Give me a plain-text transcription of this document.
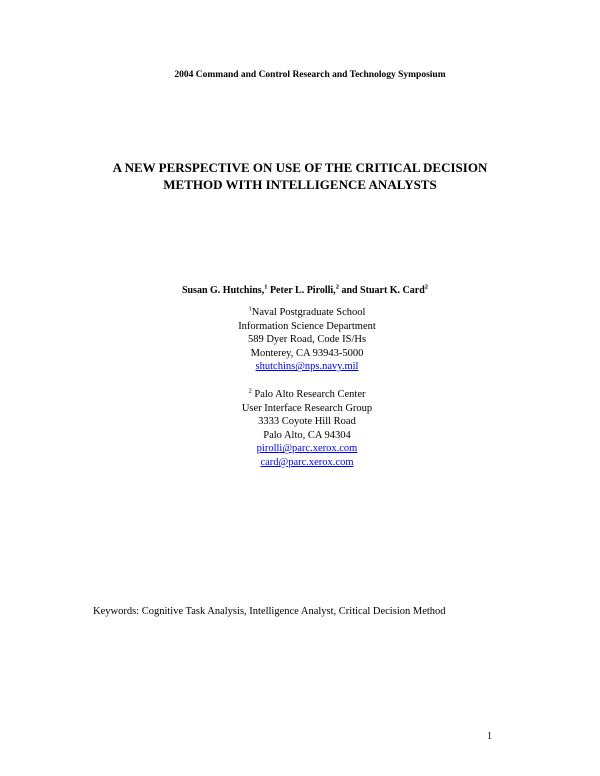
2004 Command and Control Research and Technology Symposium
A NEW PERSPECTIVE ON USE OF THE CRITICAL DECISION
METHOD WITH INTELLIGENCE ANALYSTS
Susan G. Hutchins,$^1$ Peter L. Pirolli,$^2$ and Stuart K. Card$^2$
$^1$Naval Postgraduate School
Information Science Department
589 Dyer Road, Code IS/Hs
Monterey, CA 93943-5000
shutchins@nps.navy.mil
$^2$ Palo Alto Research Center
User Interface Research Group
3333 Coyote Hill Road
Palo Alto, CA 94304
pirolli@parc.xerox.com
card@parc.xerox.com
Keywords: Cognitive Task Analysis, Intelligence Analyst, Critical Decision Method
1
